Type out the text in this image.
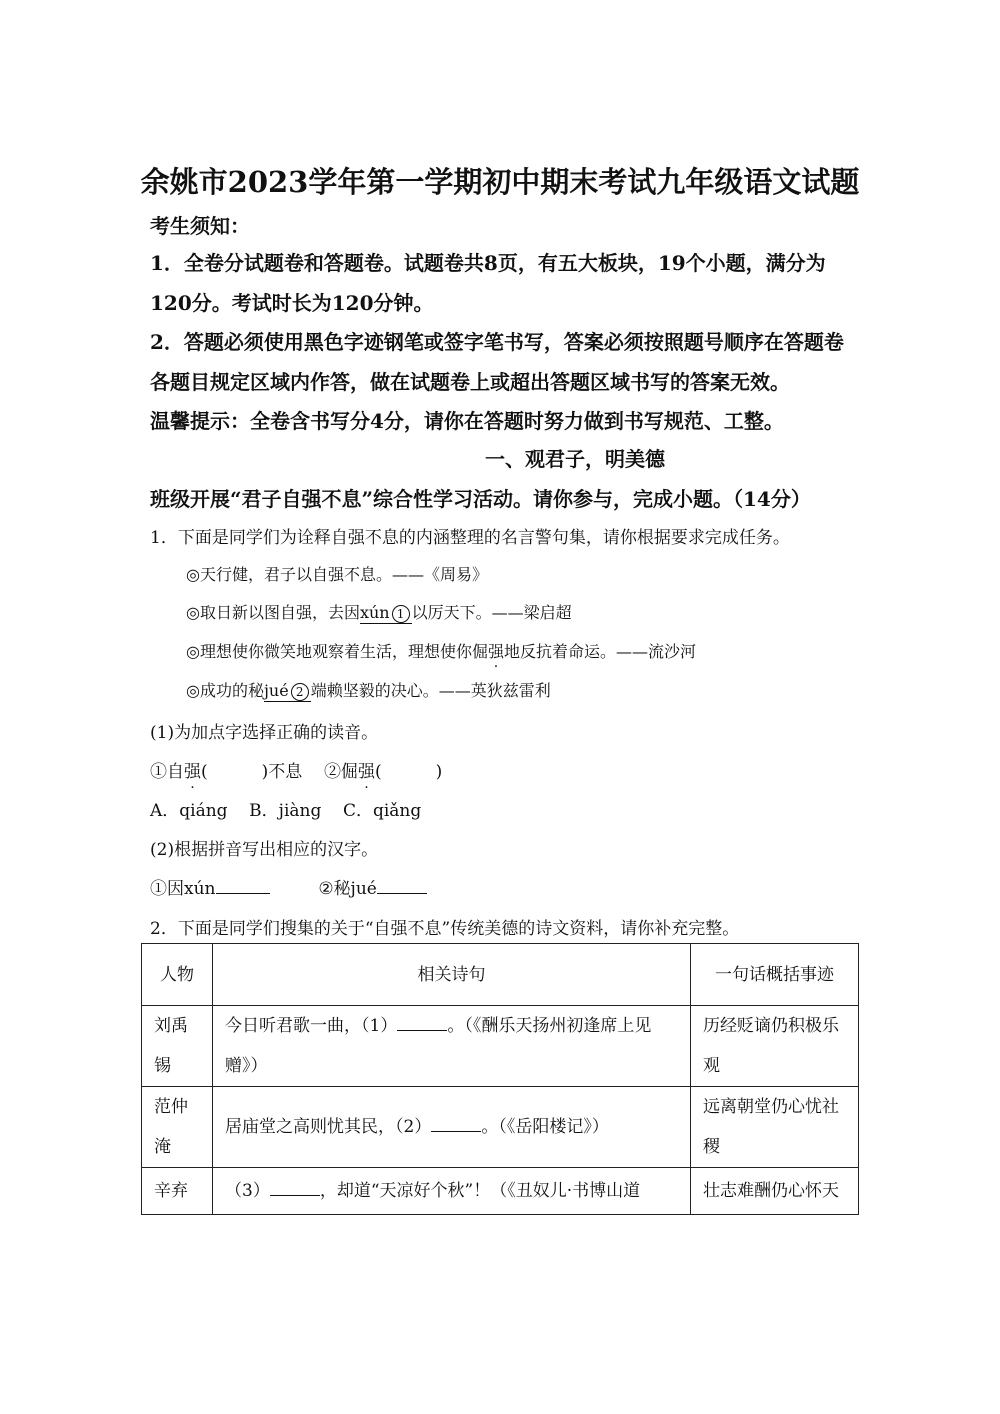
余姚市2023学年第一学期初中期末考试九年级语文试题
考生须知：
1．全卷分试题卷和答题卷。试题卷共8页，有五大板块，19个小题，满分为
120分。考试时长为120分钟。
2．答题必须使用黑色字迹钢笔或签字笔书写，答案必须按照题号顺序在答题卷
各题目规定区域内作答，做在试题卷上或超出答题区域书写的答案无效。
温馨提示：全卷含书写分4分，请你在答题时努力做到书写规范、工整。
一、观君子，明美德
班级开展“君子自强不息”综合性学习活动。请你参与，完成小题。（14分）
1．下面是同学们为诠释自强不息的内涵整理的名言警句集，请你根据要求完成任务。
◎天行健，君子以自强不息。——《周易》
◎取日新以图自强，去因xún 1 以厉天下。——梁启超
◎理想使你微笑地观察着生活，理想使你倔强地反抗着命运。——流沙河
◎成功的秘jué 2 端赖坚毅的决心。——英狄兹雷利
(1)为加点字选择正确的读音。
①自强(          )不息 ②倔强(          )
A．qiáng    B．jiàng    C．qiǎng
(2)根据拼音写出相应的汉字。
①因xún	②秘jué
2．下面是同学们搜集的关于“自强不息”传统美德的诗文资料，请你补充完整。
人物	相关诗句	一句话概括事迹
刘禹锡	今日听君歌一曲，（1） 。（《酬乐天扬州初逢席上见赠》）	历经贬谪仍积极乐观
范仲淹	居庙堂之高则忧其民，（2） 。（《岳阳楼记》）	远离朝堂仍心忧社稷
辛弃	（3） ，却道“天凉好个秋”！（《丑奴儿·书博山道	壮志难酬仍心怀天
